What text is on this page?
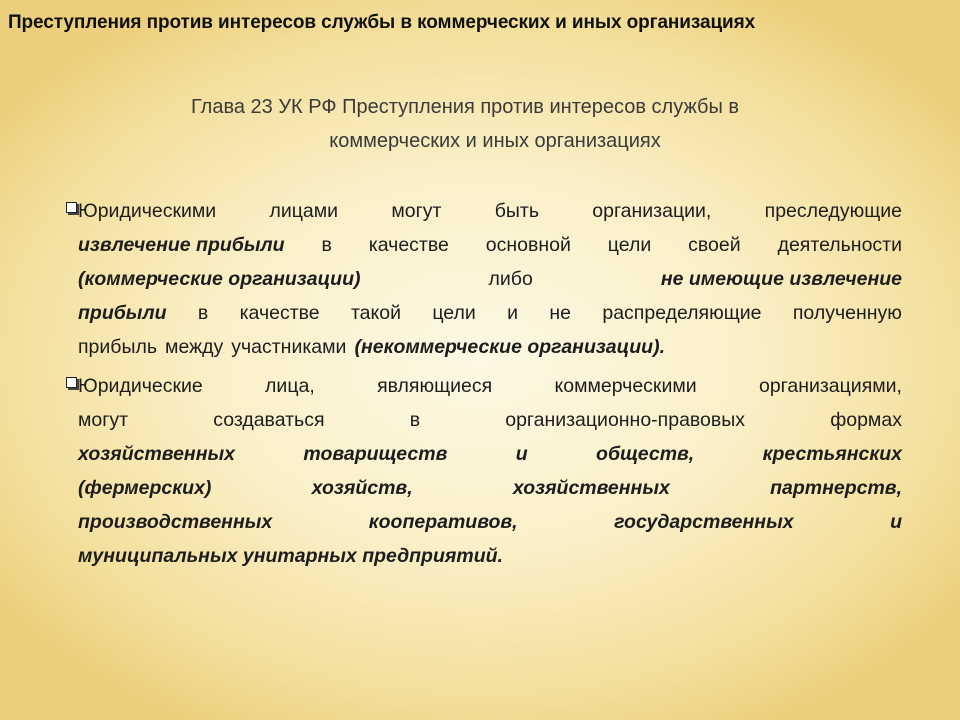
Преступления против интересов службы в коммерческих и иных организациях
Глава 23 УК РФ Преступления против интересов службы в
коммерческих и иных организациях
Юридическими	лицами	могут	быть	организации,	преследующие
извлечение прибыли в качестве основной цели своей деятельности
(коммерческие организации)	либо	не имеющие извлечение
прибыли в качестве такой цели и не распределяющие полученную
прибыль между участниками (некоммерческие организации).
Юридические	лица,	являющиеся	коммерческими	организациями,
могут	создаваться	в	организационно-правовых	формах
хозяйственных	товариществ	и	обществ,	крестьянских
(фермерских)	хозяйств,	хозяйственных	партнерств,
производственных	кооперативов,	государственных	и
муниципальных унитарных предприятий.
